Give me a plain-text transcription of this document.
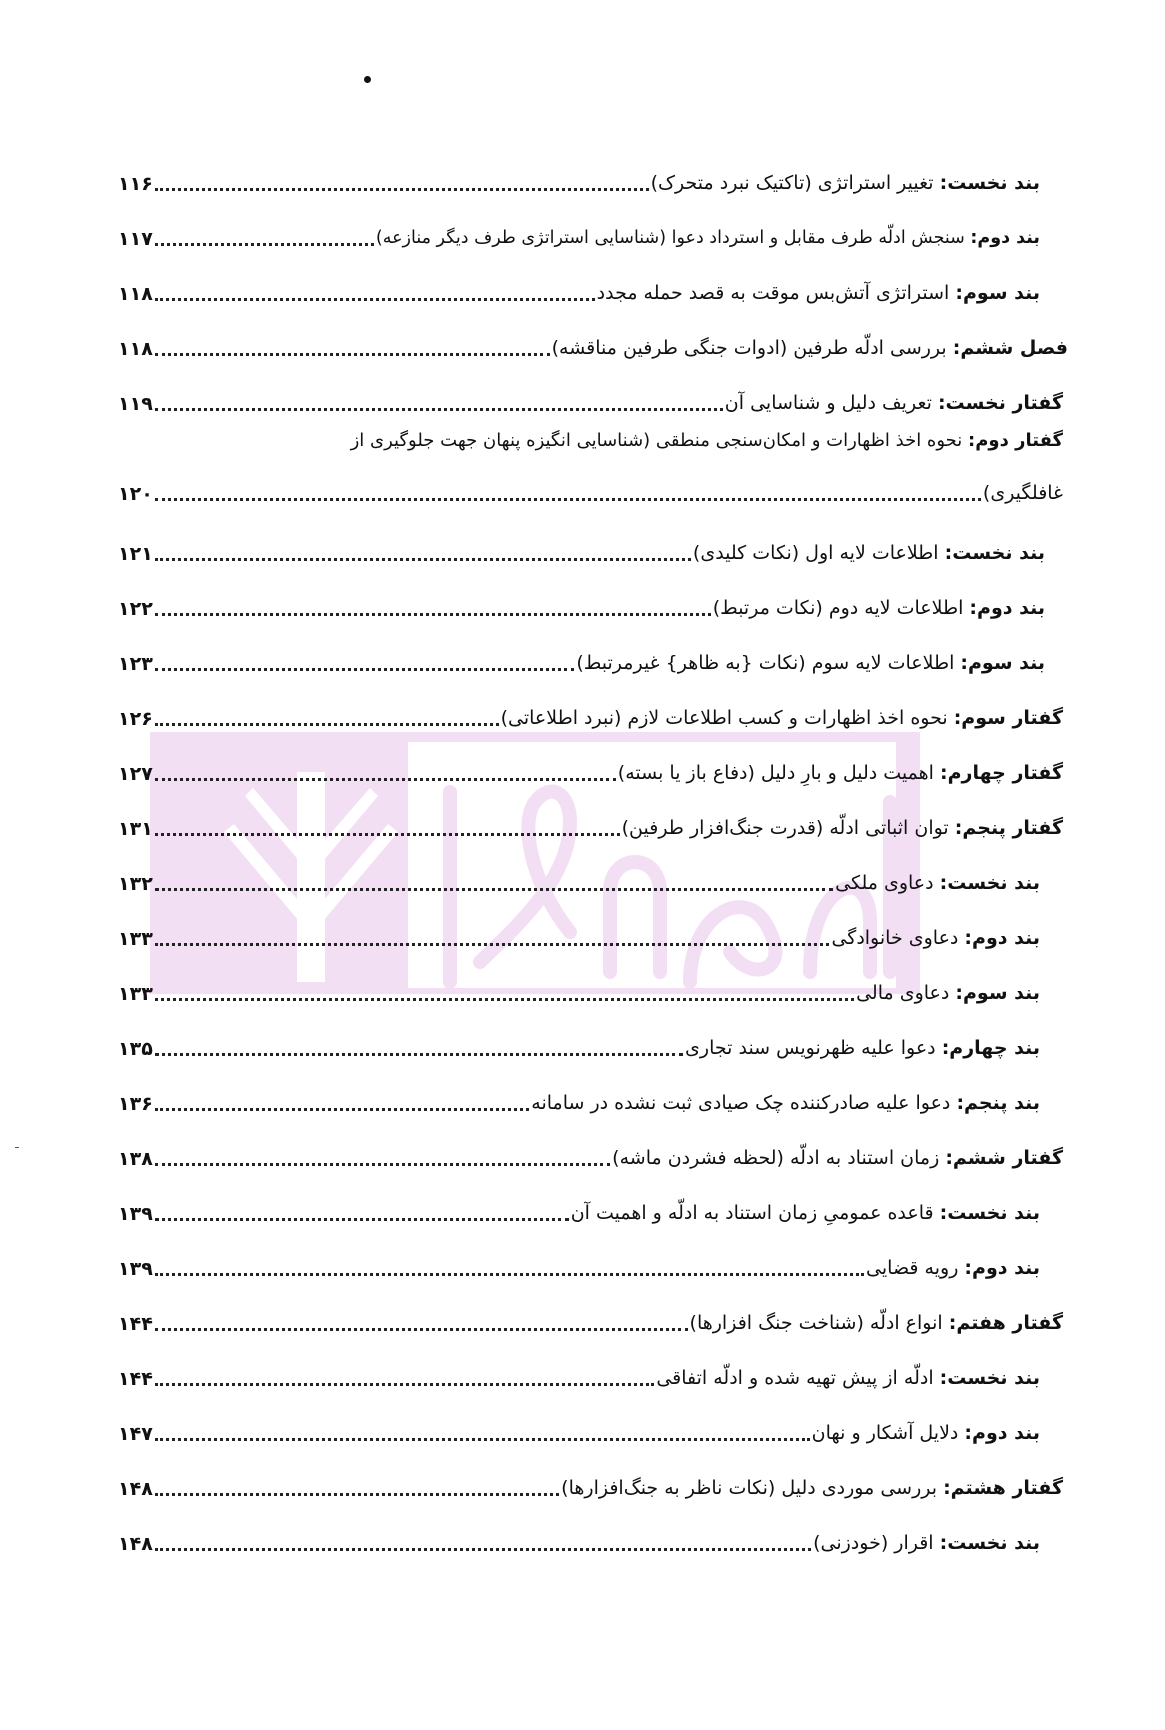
۱۱۶	بند نخست: تغییر استراتژی (تاکتیک نبرد متحرک)
۱۱۷	بند دوم: سنجش ادلّه طرف مقابل و استرداد دعوا (شناسایی استراتژی طرف دیگر منازعه)
۱۱۸	بند سوم: استراتژی آتش‌بس موقت به قصد حمله مجدد
۱۱۸	فصل ششم: بررسی ادلّه طرفین (ادوات جنگی طرفین مناقشه)
۱۱۹	گفتار نخست: تعریف دلیل و شناسایی آن
گفتار دوم: نحوه اخذ اظهارات و امکان‌سنجی منطقی (شناسایی انگیزه پنهان جهت جلوگیری از
۱۲۰	غافلگیری)
۱۲۱	بند نخست: اطلاعات لایه اول (نکات کلیدی)
۱۲۲	بند دوم: اطلاعات لایه دوم (نکات مرتبط)
۱۲۳	بند سوم: اطلاعات لایه سوم (نکات {به ظاهر} غیرمرتبط)
۱۲۶	گفتار سوم: نحوه اخذ اظهارات و کسب اطلاعات لازم (نبرد اطلاعاتی)
۱۲۷	گفتار چهارم: اهمیت دلیل و بارِ دلیل (دفاع باز یا بسته)
۱۳۱	گفتار پنجم: توان اثباتی ادلّه (قدرت جنگ‌افزار طرفین)
۱۳۲	بند نخست: دعاوی ملکی
۱۳۳	بند دوم: دعاوی خانوادگی
۱۳۳	بند سوم: دعاوی مالی
۱۳۵	بند چهارم: دعوا علیه ظهرنویس سند تجاری
۱۳۶	بند پنجم: دعوا علیه صادرکننده چک صیادی ثبت نشده در سامانه
۱۳۸	گفتار ششم: زمان استناد به ادلّه (لحظه فشردن ماشه)
۱۳۹	بند نخست: قاعده عمومیِ زمان استناد به ادلّه و اهمیت آن
۱۳۹	بند دوم: رویه قضایی
۱۴۴	گفتار هفتم: انواع ادلّه (شناخت جنگ افزارها)
۱۴۴	بند نخست: ادلّه از پیش تهیه شده و ادلّه اتفاقی
۱۴۷	بند دوم: دلایل آشکار و نهان
۱۴۸	گفتار هشتم: بررسی موردی دلیل (نکات ناظر به جنگ‌افزارها)
۱۴۸	بند نخست: اقرار (خودزنی)
